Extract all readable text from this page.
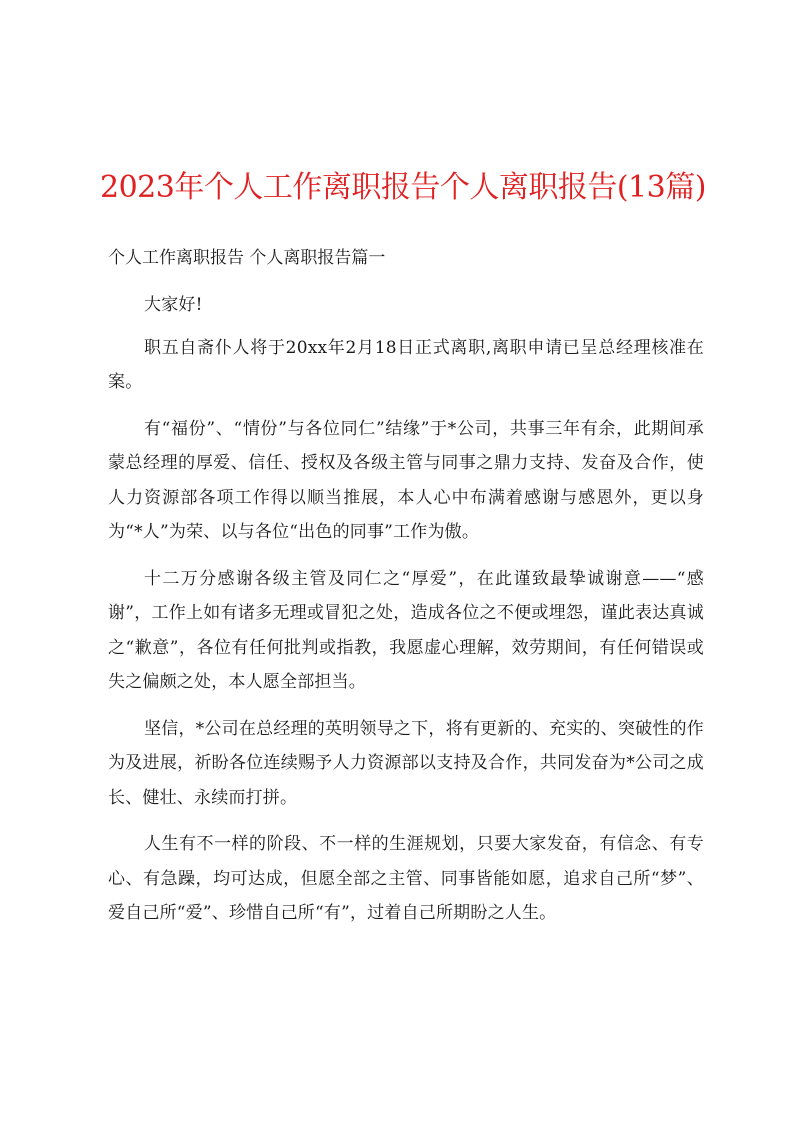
2023年个人工作离职报告个人离职报告(13篇)
个人工作离职报告 个人离职报告篇一

大家好!

职五自斋仆人将于20xx年2月18日正式离职,离职申请已呈总经理核准在案。

有“福份”、“情份”与各位同仁”结缘”于*公司，共事三年有余，此期间承蒙总经理的厚爱、信任、授权及各级主管与同事之鼎力支持、发奋及合作，使人力资源部各项工作得以顺当推展，本人心中布满着感谢与感恩外，更以身为“*人”为荣、以与各位“出色的同事”工作为傲。

十二万分感谢各级主管及同仁之“厚爱”，在此谨致最挚诚谢意——“感谢”，工作上如有诸多无理或冒犯之处，造成各位之不便或埋怨，谨此表达真诚之“歉意”，各位有任何批判或指教，我愿虚心理解，效劳期间，有任何错误或失之偏颇之处，本人愿全部担当。

坚信，*公司在总经理的英明领导之下，将有更新的、充实的、突破性的作为及进展，祈盼各位连续赐予人力资源部以支持及合作，共同发奋为*公司之成长、健壮、永续而打拼。

人生有不一样的阶段、不一样的生涯规划，只要大家发奋，有信念、有专心、有急躁，均可达成，但愿全部之主管、同事皆能如愿，追求自己所“梦”、爱自己所“爱”、珍惜自己所“有”，过着自己所期盼之人生。
